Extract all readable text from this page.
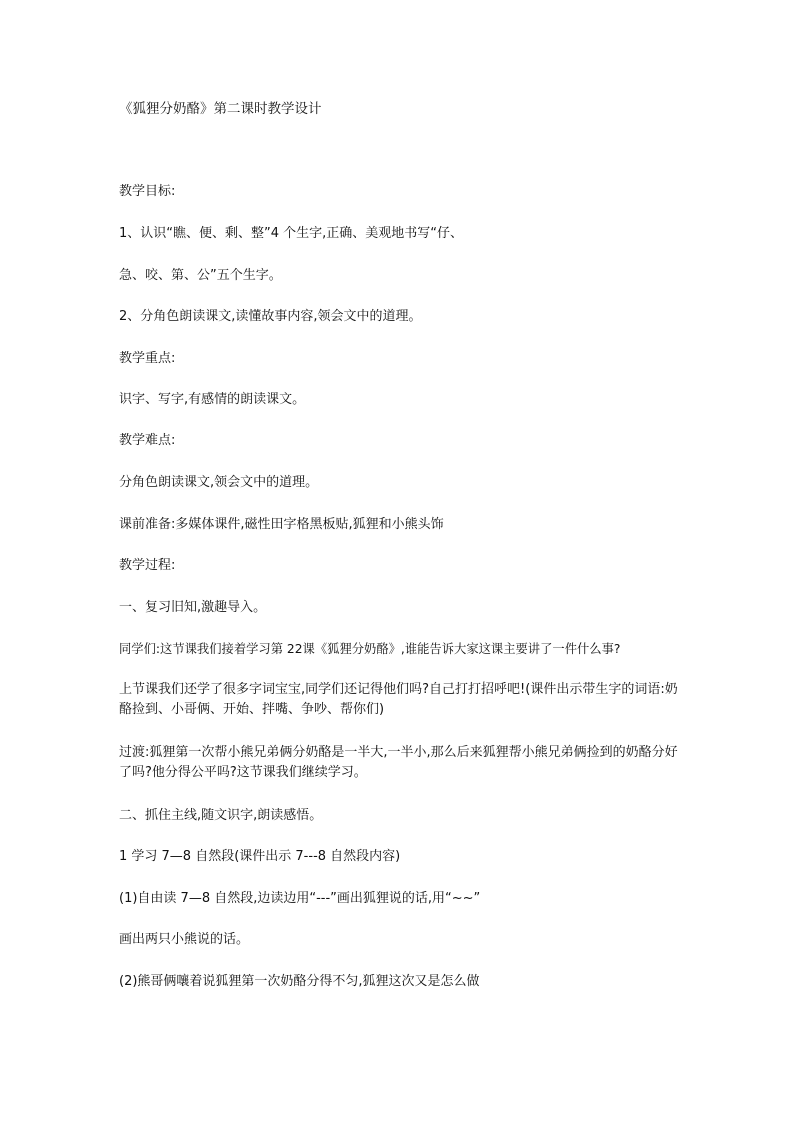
《狐狸分奶酪》第二课时教学设计
教学目标:
1、认识“瞧、便、剩、整”4 个生字,正确、美观地书写“仔、
急、咬、第、公”五个生字。
2、分角色朗读课文,读懂故事内容,领会文中的道理。
教学重点:
识字、写字,有感情的朗读课文。
教学难点:
分角色朗读课文,领会文中的道理。
课前准备:多媒体课件,磁性田字格黑板贴,狐狸和小熊头饰
教学过程:
一、复习旧知,激趣导入。
同学们:这节课我们接着学习第 22课《狐狸分奶酪》,谁能告诉大家这课主要讲了一件什么事?
上节课我们还学了很多字词宝宝,同学们还记得他们吗?自己打打招呼吧!(课件出示带生字的词语:奶酪捡到、小哥俩、开始、拌嘴、争吵、帮你们)
过渡:狐狸第一次帮小熊兄弟俩分奶酪是一半大,一半小,那么后来狐狸帮小熊兄弟俩捡到的奶酪分好了吗?他分得公平吗?这节课我们继续学习。
二、抓住主线,随文识字,朗读感悟。
1 学习 7—8 自然段(课件出示 7---8 自然段内容)
(1)自由读 7—8 自然段,边读边用“---”画出狐狸说的话,用“~~”
画出两只小熊说的话。
(2)熊哥俩嚷着说狐狸第一次奶酪分得不匀,狐狸这次又是怎么做
